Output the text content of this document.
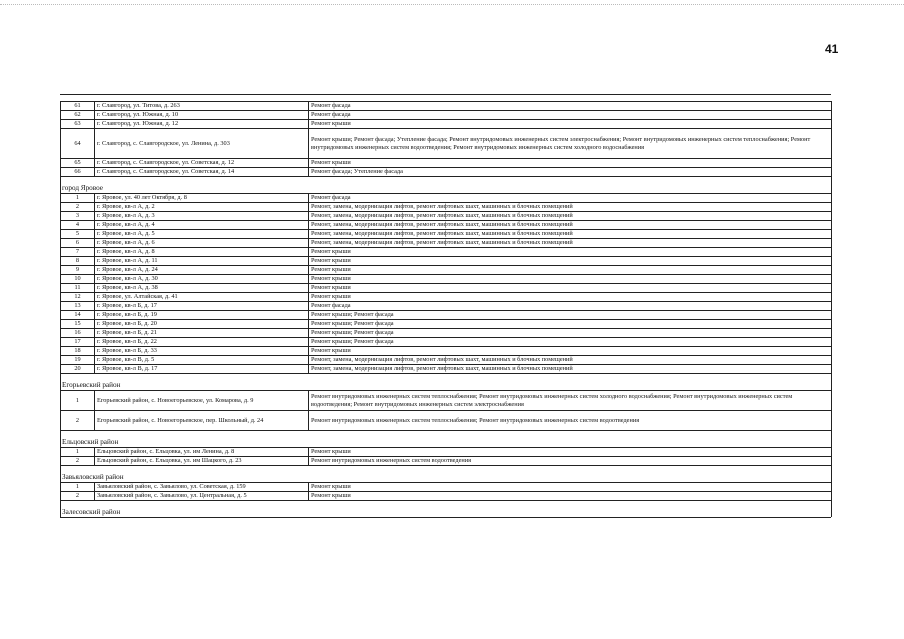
41
61	г. Славгород, ул. Титова, д. 263	Ремонт фасада
62	г. Славгород, ул. Южная, д. 10	Ремонт фасада
63	г. Славгород, ул. Южная, д. 12	Ремонт крыши
64	г. Славгород, с. Славгородское, ул. Ленина, д. 303	Ремонт крыши; Ремонт фасада; Утепление фасада; Ремонт внутридомовых инженерных систем электроснабжения; Ремонт внутридомовых инженерных систем теплоснабжения; Ремонт внутридомовых инженерных систем водоотведения; Ремонт внутридомовых инженерных систем холодного водоснабжения
65	г. Славгород, с. Славгородское, ул. Советская, д. 12	Ремонт крыши
66	г. Славгород, с. Славгородское, ул. Советская, д. 14	Ремонт фасада; Утепление фасада

город Яровое		
1	г. Яровое, ул. 40 лет Октября, д. 8	Ремонт фасада
2	г. Яровое, кв-л А, д. 2	Ремонт, замена, модернизация лифтов, ремонт лифтовых шахт, машинных и блочных помещений
3	г. Яровое, кв-л А, д. 3	Ремонт, замена, модернизация лифтов, ремонт лифтовых шахт, машинных и блочных помещений
4	г. Яровое, кв-л А, д. 4	Ремонт, замена, модернизация лифтов, ремонт лифтовых шахт, машинных и блочных помещений
5	г. Яровое, кв-л А, д. 5	Ремонт, замена, модернизация лифтов, ремонт лифтовых шахт, машинных и блочных помещений
6	г. Яровое, кв-л А, д. 6	Ремонт, замена, модернизация лифтов, ремонт лифтовых шахт, машинных и блочных помещений
7	г. Яровое, кв-л А, д. 8	Ремонт крыши
8	г. Яровое, кв-л А, д. 11	Ремонт крыши
9	г. Яровое, кв-л А, д. 24	Ремонт крыши
10	г. Яровое, кв-л А, д. 30	Ремонт крыши
11	г. Яровое, кв-л А, д. 38	Ремонт крыши
12	г. Яровое, ул. Алтайская, д. 41	Ремонт крыши
13	г. Яровое, кв-л Б, д. 17	Ремонт фасада
14	г. Яровое, кв-л Б, д. 19	Ремонт крыши; Ремонт фасада
15	г. Яровое, кв-л Б, д. 20	Ремонт крыши; Ремонт фасада
16	г. Яровое, кв-л Б, д. 21	Ремонт крыши; Ремонт фасада
17	г. Яровое, кв-л Б, д. 22	Ремонт крыши; Ремонт фасада
18	г. Яровое, кв-л Б, д. 33	Ремонт крыши
19	г. Яровое, кв-л В, д. 5	Ремонт, замена, модернизация лифтов, ремонт лифтовых шахт, машинных и блочных помещений
20	г. Яровое, кв-л В, д. 17	Ремонт, замена, модернизация лифтов, ремонт лифтовых шахт, машинных и блочных помещений

Егорьевский район		
1	Егорьевский район, с. Новоегорьевское, ул. Комарова, д. 9	Ремонт внутридомовых инженерных систем теплоснабжения; Ремонт внутридомовых инженерных систем холодного водоснабжения; Ремонт внутридомовых инженерных систем водоотведения; Ремонт внутридомовых инженерных систем электроснабжения
2	Егорьевский район, с. Новоегорьевское, пер. Школьный, д. 24	Ремонт внутридомовых инженерных систем теплоснабжения; Ремонт внутридомовых инженерных систем водоотведения

Ельцовский район		
1	Ельцовский район, с. Ельцовка, ул. им Ленина, д. 8	Ремонт крыши
2	Ельцовский район, с. Ельцовка, ул. им Шацкого, д. 23	Ремонт внутридомовых инженерных систем водоотведения

Завьяловский район		
1	Завьяловский район, с. Завьялово, ул. Советская, д. 159	Ремонт крыши
2	Завьяловский район, с. Завьялово, ул. Центральная, д. 5	Ремонт крыши

Залесовский район		
